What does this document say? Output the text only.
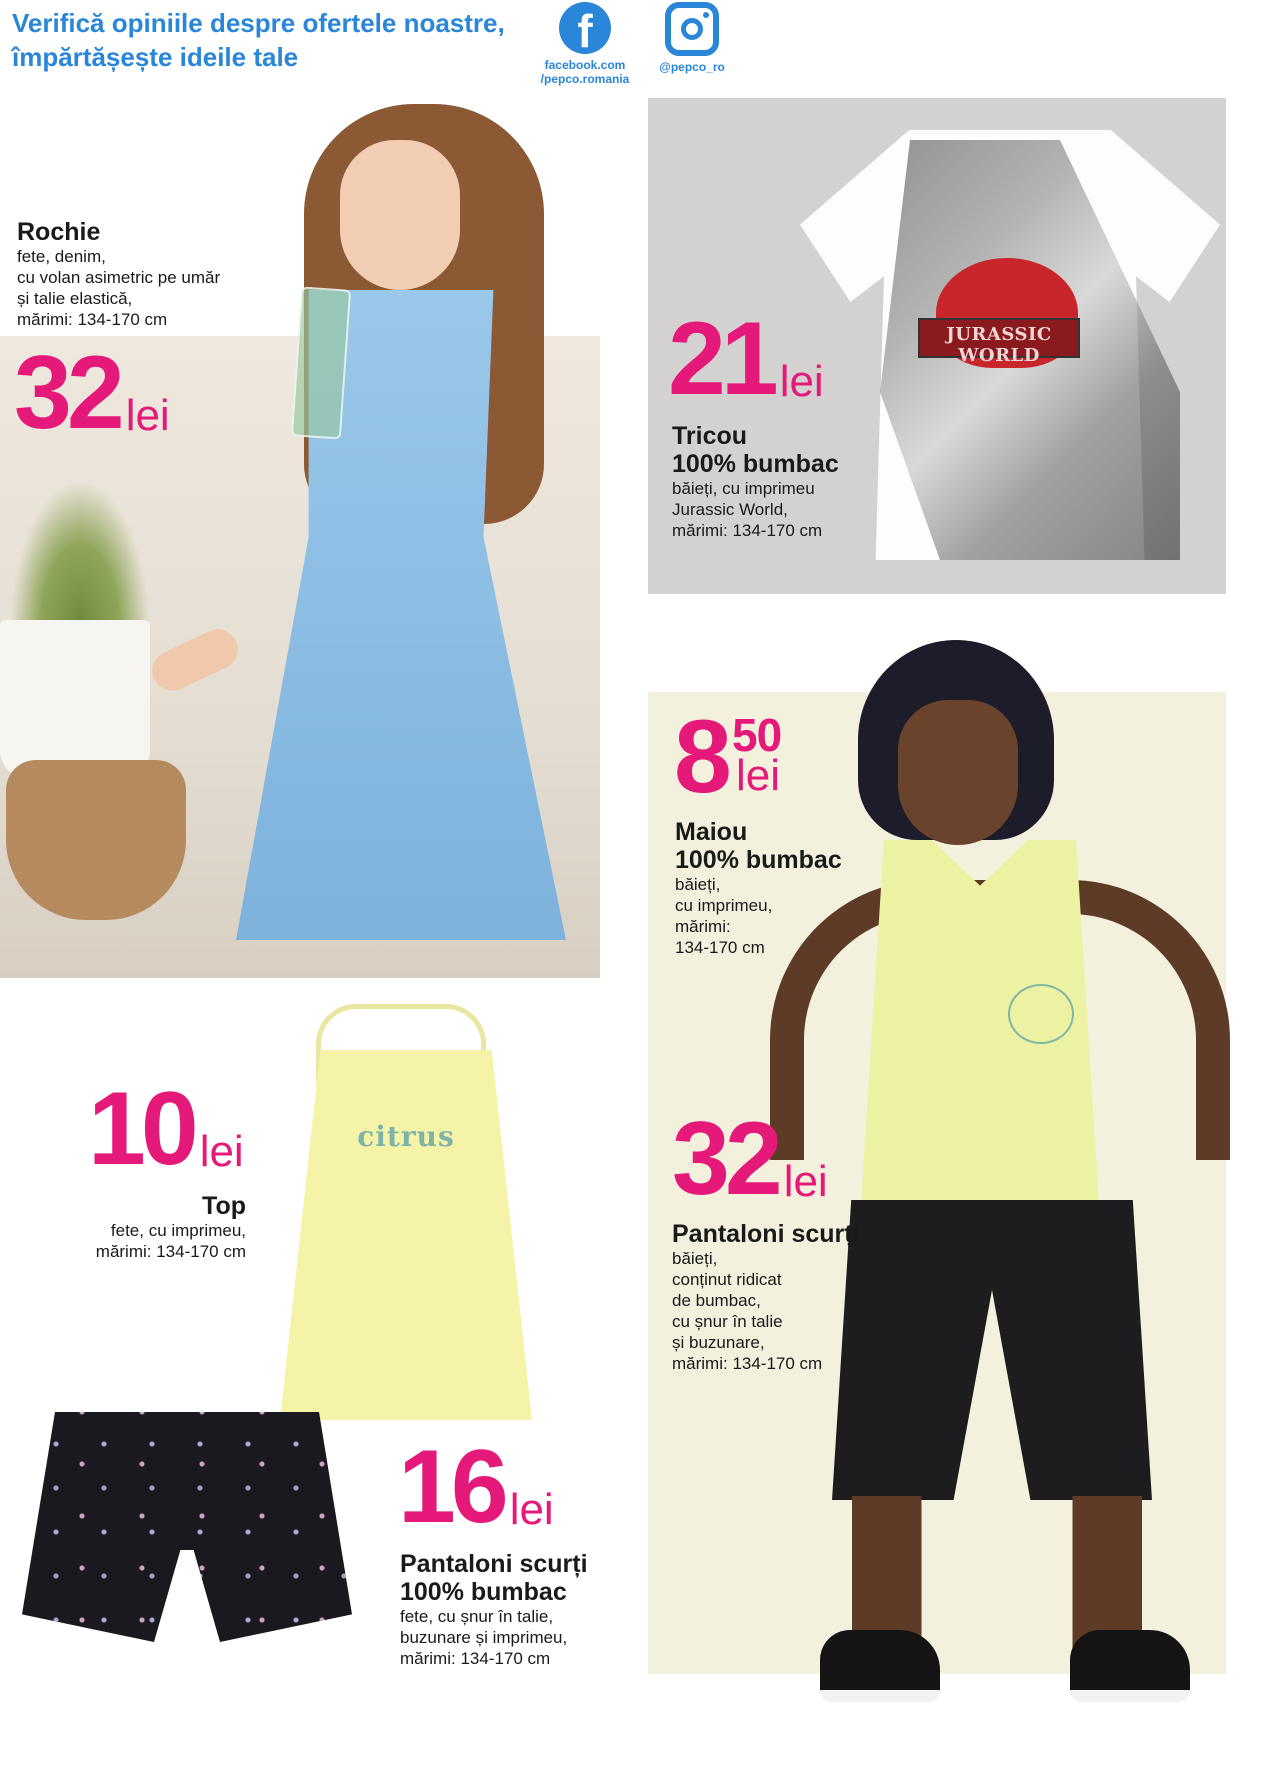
Verifică opiniile despre ofertele noastre,
împărtășește ideile tale	f
facebook.com
/pepco.romania
@pepco_ro
Rochie
fete, denim,
cu volan asimetric pe umăr
și talie elastică,
mărimi: 134-170 cm
32 lei
JURASSIC WORLD
21 lei
Tricou
100% bumbac
băieți, cu imprimeu
Jurassic World,
mărimi: 134-170 cm
8 50
lei
Maiou
100% bumbac
băieți,
cu imprimeu,
mărimi:
134-170 cm
32 lei
Pantaloni scurți
băieți,
conținut ridicat
de bumbac,
cu șnur în talie
și buzunare,
mărimi: 134-170 cm
citrus
10 lei
Top
fete, cu imprimeu,
mărimi: 134-170 cm
16 lei
Pantaloni scurți
100% bumbac
fete, cu șnur în talie,
buzunare și imprimeu,
mărimi: 134-170 cm
